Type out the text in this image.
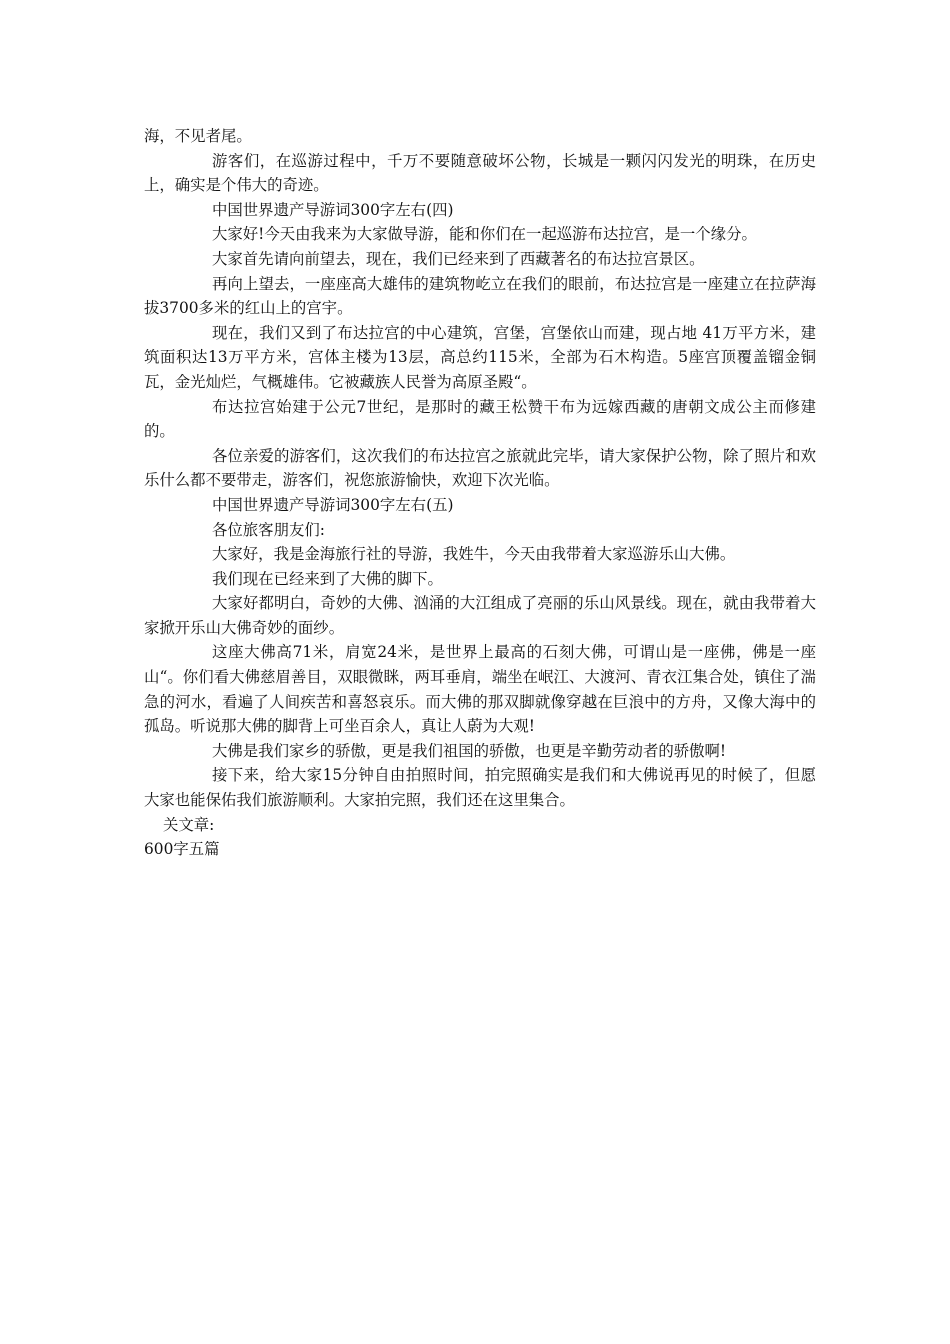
海，不见者尾。

游客们，在巡游过程中，千万不要随意破坏公物，长城是一颗闪闪发光的明珠，在历史上，确实是个伟大的奇迹。

中国世界遗产导游词300字左右(四)

大家好!今天由我来为大家做导游，能和你们在一起巡游布达拉宫，是一个缘分。

大家首先请向前望去，现在，我们已经来到了西藏著名的布达拉宫景区。

再向上望去，一座座高大雄伟的建筑物屹立在我们的眼前，布达拉宫是一座建立在拉萨海拔3700多米的红山上的宫宇。

现在，我们又到了布达拉宫的中心建筑，宫堡，宫堡依山而建，现占地 41万平方米，建筑面积达13万平方米，宫体主楼为13层，高总约115米，全部为石木构造。5座宫顶覆盖镏金铜瓦，金光灿烂，气概雄伟。它被藏族人民誉为高原圣殿“。

布达拉宫始建于公元7世纪，是那时的藏王松赞干布为远嫁西藏的唐朝文成公主而修建的。

各位亲爱的游客们，这次我们的布达拉宫之旅就此完毕，请大家保护公物，除了照片和欢乐什么都不要带走，游客们，祝您旅游愉快，欢迎下次光临。

中国世界遗产导游词300字左右(五)

各位旅客朋友们:

大家好，我是金海旅行社的导游，我姓牛，今天由我带着大家巡游乐山大佛。

我们现在已经来到了大佛的脚下。

大家好都明白，奇妙的大佛、汹涌的大江组成了亮丽的乐山风景线。现在，就由我带着大家掀开乐山大佛奇妙的面纱。

这座大佛高71米，肩宽24米，是世界上最高的石刻大佛，可谓山是一座佛，佛是一座山“。你们看大佛慈眉善目，双眼微眯，两耳垂肩，端坐在岷江、大渡河、青衣江集合处，镇住了湍急的河水，看遍了人间疾苦和喜怒哀乐。而大佛的那双脚就像穿越在巨浪中的方舟，又像大海中的孤岛。听说那大佛的脚背上可坐百余人，真让人蔚为大观!

大佛是我们家乡的骄傲，更是我们祖国的骄傲，也更是辛勤劳动者的骄傲啊!

接下来，给大家15分钟自由拍照时间，拍完照确实是我们和大佛说再见的时候了，但愿大家也能保佑我们旅游顺利。大家拍完照，我们还在这里集合。

关文章:

600字五篇
